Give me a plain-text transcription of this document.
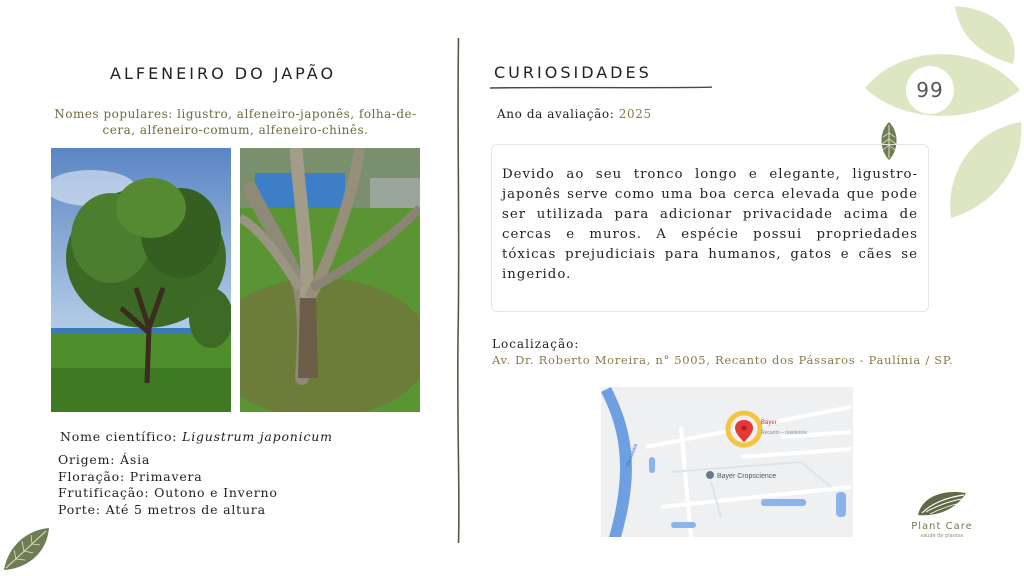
99
ALFENEIRO DO JAPÃO
Nomes populares: ligustro, alfeneiro-japonês, folha-de-cera, alfeneiro-comum, alfeneiro-chinês.
Nome científico: Ligustrum japonicum
Origem: Ásia
Floração: Primavera
Frutificação: Outono e Inverno
Porte: Até 5 metros de altura
CURIOSIDADES
Ano da avaliação: 2025

Devido ao seu tronco longo e elegante, ligustro-japonês serve como uma boa cerca elevada que pode ser utilizada para adicionar privacidade acima de cercas e muros. A espécie possui propriedades tóxicas prejudiciais para humanos, gatos e cães se ingerido.

Localização:
Av. Dr. Roberto Moreira, n° 5005, Recanto dos Pássaros - Paulínia / SP.
Bayer
Recanto – residence
Bayer Cropscience
Rio Atibaia
Plant Care
saúde de plantas
